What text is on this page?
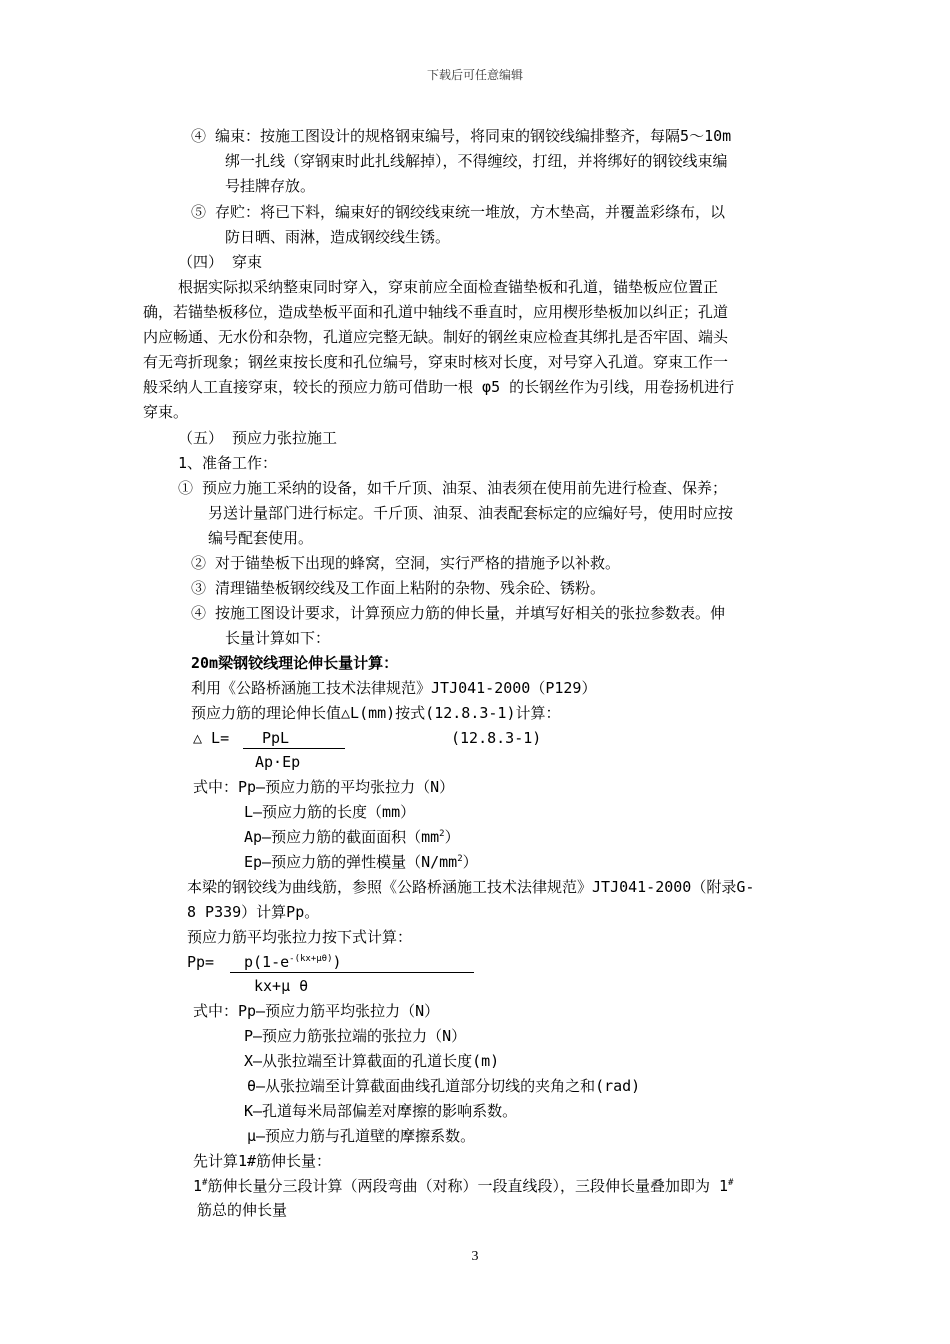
下载后可任意编辑
④ 编束：按施工图设计的规格钢束编号，将同束的钢铰线编排整齐，每隔5～10m
绑一扎线（穿钢束时此扎线解掉），不得缠绞，打纽，并将绑好的钢铰线束编
号挂牌存放。
⑤ 存贮：将已下料，编束好的钢绞线束统一堆放，方木垫高，并覆盖彩绦布，以
防日晒、雨淋，造成钢绞线生锈。
（四） 穿束
根据实际拟采纳整束同时穿入，穿束前应全面检查锚垫板和孔道，锚垫板应位置正
确，若锚垫板移位，造成垫板平面和孔道中轴线不垂直时，应用楔形垫板加以纠正；孔道
内应畅通、无水份和杂物，孔道应完整无缺。制好的钢丝束应检查其绑扎是否牢固、端头
有无弯折现象；钢丝束按长度和孔位编号，穿束时核对长度，对号穿入孔道。穿束工作一
般采纳人工直接穿束，较长的预应力筋可借助一根 φ5 的长钢丝作为引线，用卷扬机进行
穿束。
（五） 预应力张拉施工
1、准备工作：
① 预应力施工采纳的设备，如千斤顶、油泵、油表须在使用前先进行检查、保养；
另送计量部门进行标定。千斤顶、油泵、油表配套标定的应编好号，使用时应按
编号配套使用。
② 对于锚垫板下出现的蜂窝，空洞，实行严格的措施予以补救。
③ 清理锚垫板钢绞线及工作面上粘附的杂物、残余砼、锈粉。
④ 按施工图设计要求，计算预应力筋的伸长量，并填写好相关的张拉参数表。伸
长量计算如下：
20m梁钢铰线理论伸长量计算：
利用《公路桥涵施工技术法律规范》JTJ041-2000（P129）
预应力筋的理论伸长值△L(mm)按式(12.8.3-1)计算：
△ L= PpL	(12.8.3-1)
Ap·Ep
式中：Pp—预应力筋的平均张拉力（N）
L—预应力筋的长度（mm）
Ap—预应力筋的截面面积$(mm^2)$
Ep—预应力筋的弹性模量$(N/mm^2)$
本梁的钢铰线为曲线筋，参照《公路桥涵施工技术法律规范》JTJ041-2000（附录G-
8 P339）计算Pp。
预应力筋平均张拉力按下式计算：
$Pp= p(1-e^{-(kx+\mu\theta)})$
kx+μ θ
式中：Pp—预应力筋平均张拉力（N）
P—预应力筋张拉端的张拉力（N）
X—从张拉端至计算截面的孔道长度(m)
θ—从张拉端至计算截面曲线孔道部分切线的夹角之和(rad)
K—孔道每米局部偏差对摩擦的影响系数。
μ—预应力筋与孔道壁的摩擦系数。
先计算1#筋伸长量：
1#筋伸长量分三段计算（两段弯曲（对称）一段直线段），三段伸长量叠加即为 1#
筋总的伸长量
3
